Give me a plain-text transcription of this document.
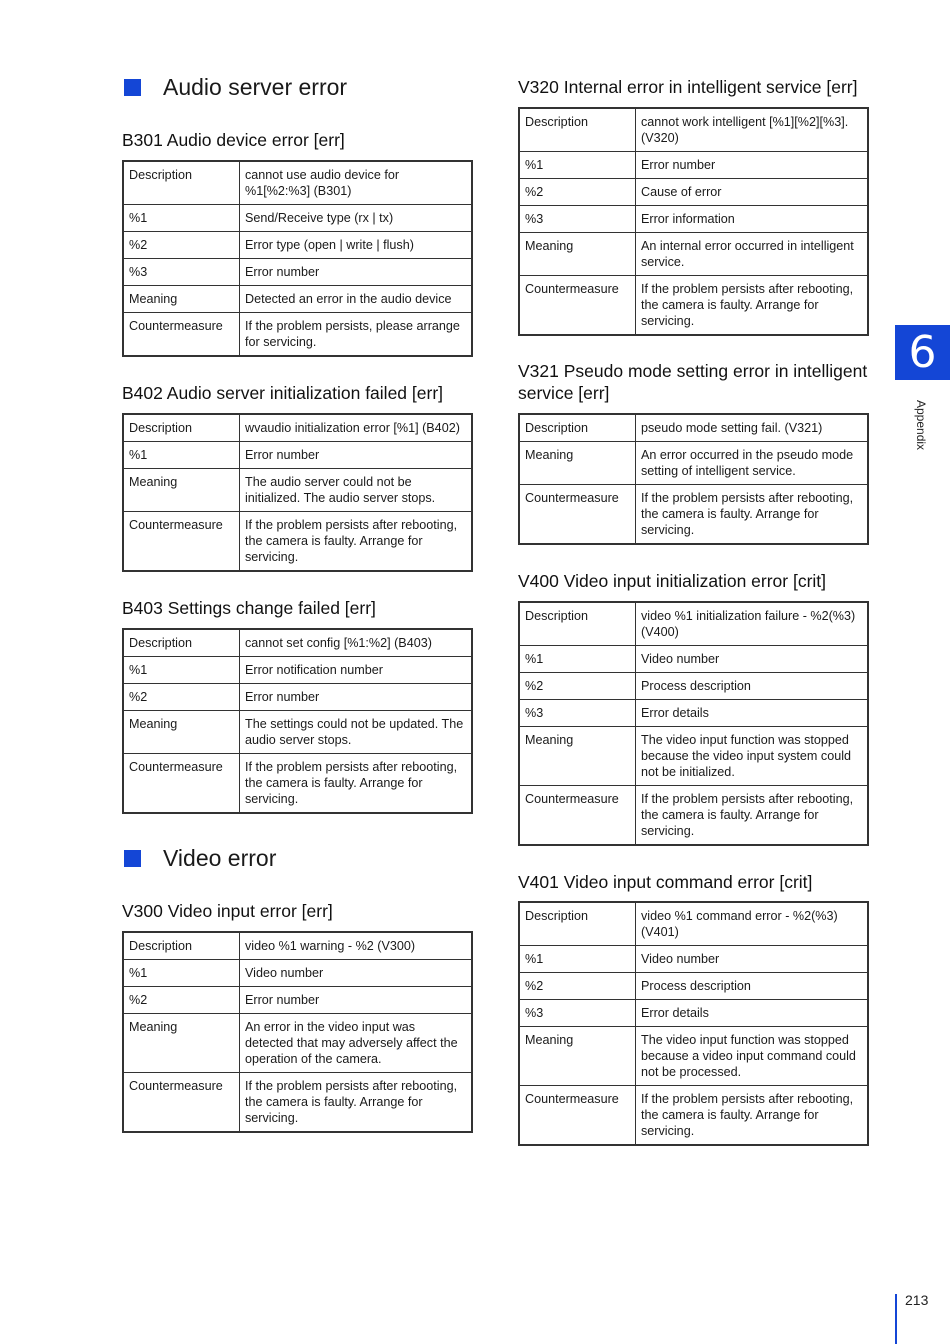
Audio server error
B301 Audio device error [err]
Description	cannot use audio device for %1[%2:%3] (B301)
%1	Send/Receive type (rx | tx)
%2	Error type (open | write | flush)
%3	Error number
Meaning	Detected an error in the audio device
Countermeasure	If the problem persists, please arrange for servicing.
B402 Audio server initialization failed [err]
Description	wvaudio initialization error [%1] (B402)
%1	Error number
Meaning	The audio server could not be initialized. The audio server stops.
Countermeasure	If the problem persists after rebooting, the camera is faulty. Arrange for servicing.
B403 Settings change failed [err]
Description	cannot set config [%1:%2] (B403)
%1	Error notification number
%2	Error number
Meaning	The settings could not be updated. The audio server stops.
Countermeasure	If the problem persists after rebooting, the camera is faulty. Arrange for servicing.
Video error
V300 Video input error [err]
Description	video %1 warning - %2 (V300)
%1	Video number
%2	Error number
Meaning	An error in the video input was detected that may adversely affect the operation of the camera.
Countermeasure	If the problem persists after rebooting, the camera is faulty. Arrange for servicing.
V320 Internal error in intelligent service [err]
Description	cannot work intelligent [%1][%2][%3]. (V320)
%1	Error number
%2	Cause of error
%3	Error information
Meaning	An internal error occurred in intelligent service.
Countermeasure	If the problem persists after rebooting, the camera is faulty. Arrange for servicing.
V321 Pseudo mode setting error in intelligent service [err]
Description	pseudo mode setting fail. (V321)
Meaning	An error occurred in the pseudo mode setting of intelligent service.
Countermeasure	If the problem persists after rebooting, the camera is faulty. Arrange for servicing.
V400 Video input initialization error [crit]
Description	video %1 initialization failure - %2(%3) (V400)
%1	Video number
%2	Process description
%3	Error details
Meaning	The video input function was stopped because the video input system could not be initialized.
Countermeasure	If the problem persists after rebooting, the camera is faulty. Arrange for servicing.
V401 Video input command error [crit]
Description	video %1 command error - %2(%3) (V401)
%1	Video number
%2	Process description
%3	Error details
Meaning	The video input function was stopped because a video input command could not be processed.
Countermeasure	If the problem persists after rebooting, the camera is faulty. Arrange for servicing.
6
Appendix
213
